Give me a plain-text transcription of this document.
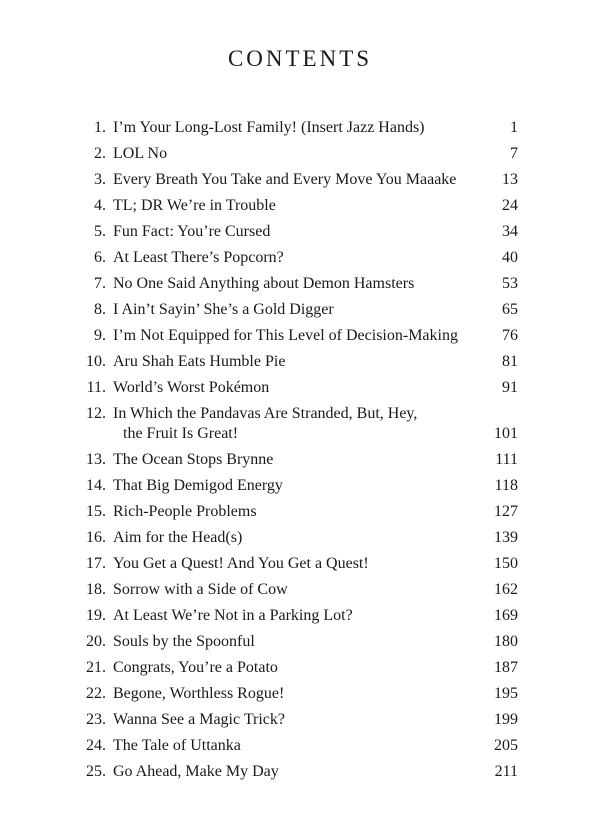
CONTENTS
1. I’m Your Long-Lost Family! (Insert Jazz Hands)	1
2. LOL No	7
3. Every Breath You Take and Every Move You Maaake	13
4. TL; DR We’re in Trouble	24
5. Fun Fact: You’re Cursed	34
6. At Least There’s Popcorn?	40
7. No One Said Anything about Demon Hamsters	53
8. I Ain’t Sayin’ She’s a Gold Digger	65
9. I’m Not Equipped for This Level of Decision-Making	76
10. Aru Shah Eats Humble Pie	81
11. World’s Worst Pokémon	91
12. In Which the Pandavas Are Stranded, But, Hey,
the Fruit Is Great!	101
13. The Ocean Stops Brynne	111
14. That Big Demigod Energy	118
15. Rich-People Problems	127
16. Aim for the Head(s)	139
17. You Get a Quest! And You Get a Quest!	150
18. Sorrow with a Side of Cow	162
19. At Least We’re Not in a Parking Lot?	169
20. Souls by the Spoonful	180
21. Congrats, You’re a Potato	187
22. Begone, Worthless Rogue!	195
23. Wanna See a Magic Trick?	199
24. The Tale of Uttanka	205
25. Go Ahead, Make My Day	211
